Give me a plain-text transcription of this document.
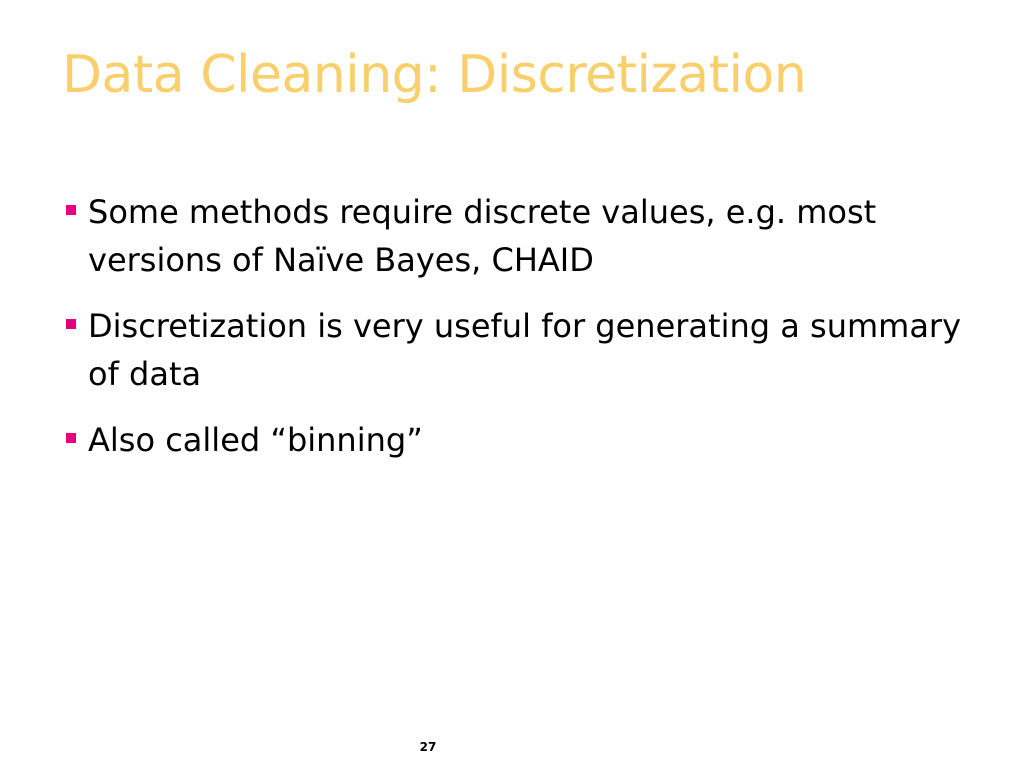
Data Cleaning: Discretization
Some methods require discrete values, e.g. most versions of Naïve Bayes, CHAID
Discretization is very useful for generating a summary of data
Also called “binning”
27
